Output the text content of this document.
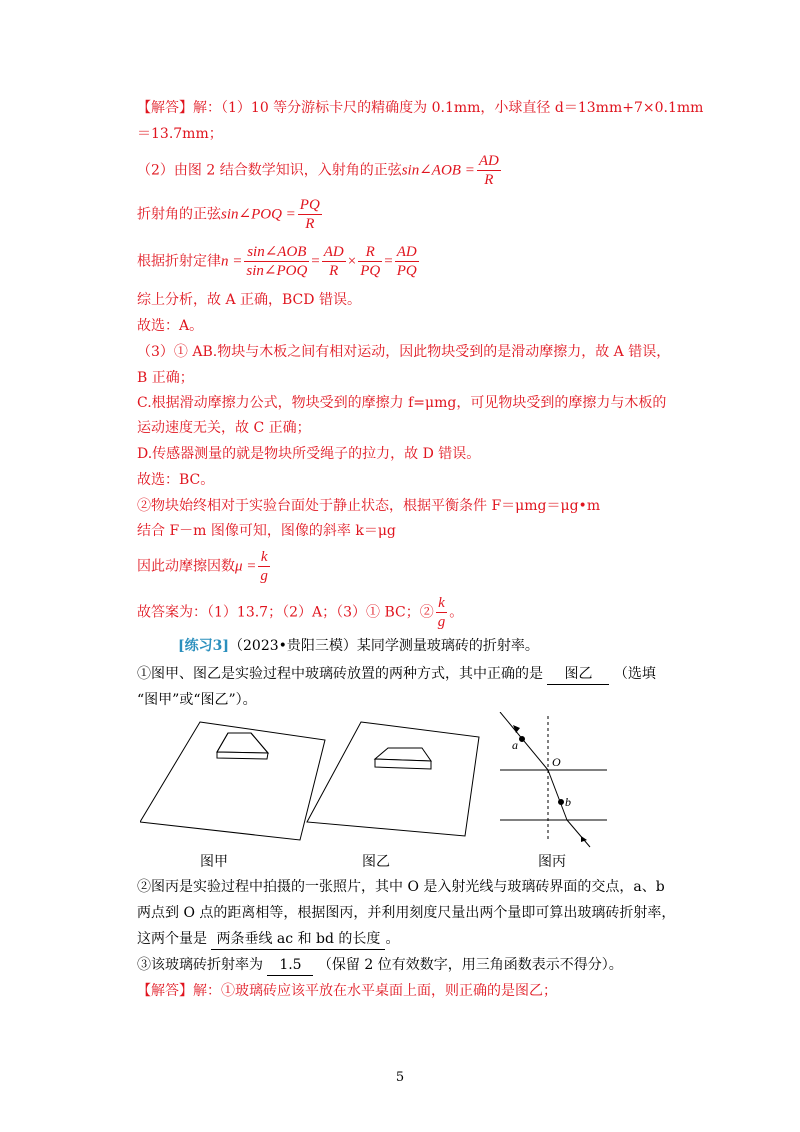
【解答】解：（1）10 等分游标卡尺的精确度为 0.1mm，小球直径 d＝13mm+7×0.1mm
＝13.7mm；
（2）由图 2 结合数学知识，入射角的正弦sin∠AOB = $\frac{AD}{R}$
折射角的正弦sin∠POQ = $\frac{PQ}{R}$
根据折射定律$n = \frac{\text{sin∠AOB}}{\text{sin∠POQ}} = \frac{AD}{R} \times \frac{R}{PQ} = \frac{AD}{PQ}$
综上分析，故 A 正确，BCD 错误。
故选：A。
（3）① AB.物块与木板之间有相对运动，因此物块受到的是滑动摩擦力，故 A 错误，
B 正确；
C.根据滑动摩擦力公式，物块受到的摩擦力 f=μmg，可见物块受到的摩擦力与木板的
运动速度无关，故 C 正确；
D.传感器测量的就是物块所受绳子的拉力，故 D 错误。
故选：BC。
②物块始终相对于实验台面处于静止状态，根据平衡条件 F＝μmg＝μg•m
结合 F－m 图像可知，图像的斜率 k＝μg
因此动摩擦因数$\mu = \frac{k}{g}$
故答案为：（1）13.7；（2）A；（3）① BC；② $\frac{k}{g}$ 。
[练习3]（2023•贵阳三模）某同学测量玻璃砖的折射率。
①图甲、图乙是实验过程中玻璃砖放置的两种方式，其中正确的是 图乙 （选填
“图甲”或“图乙”）。
a
O
b
图甲	图乙	图丙
②图丙是实验过程中拍摄的一张照片，其中 O 是入射光线与玻璃砖界面的交点，a、b
两点到 O 点的距离相等，根据图丙，并利用刻度尺量出两个量即可算出玻璃砖折射率，
这两个量是 两条垂线 ac 和 bd 的长度 。
③该玻璃砖折射率为 1.5 （保留 2 位有效数字，用三角函数表示不得分）。
【解答】解：①玻璃砖应该平放在水平桌面上面，则正确的是图乙；
5
